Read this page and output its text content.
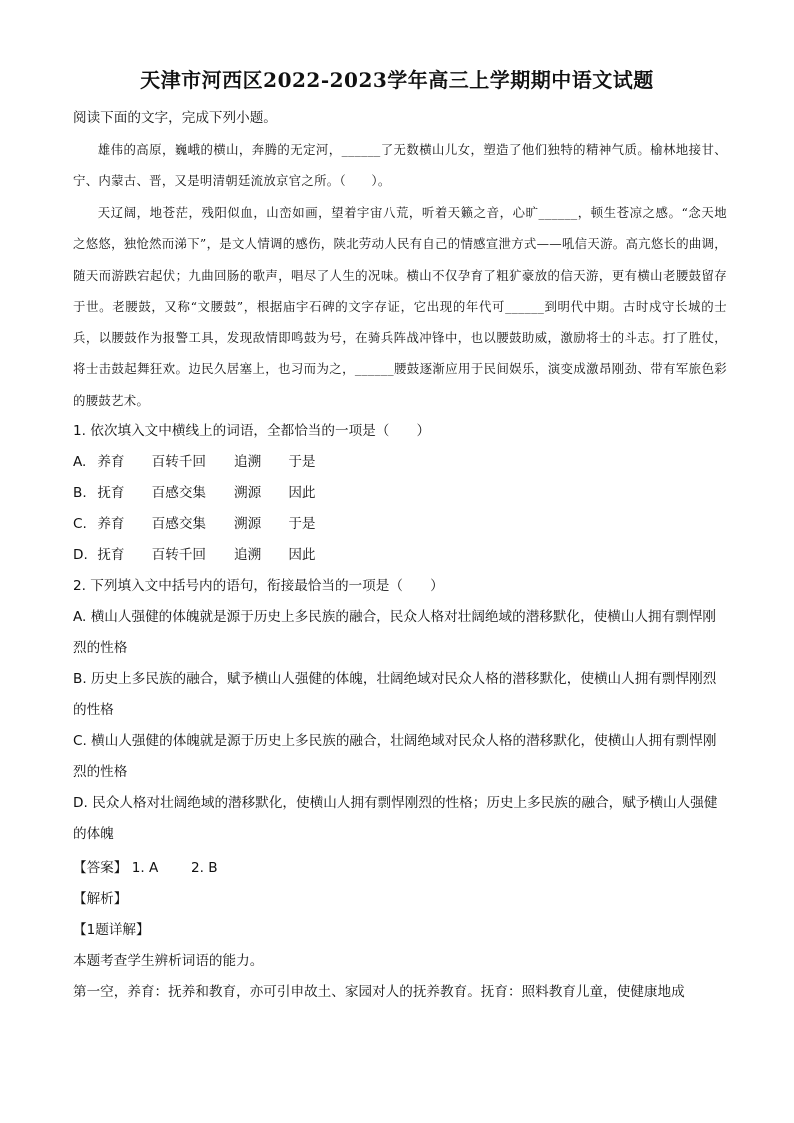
天津市河西区2022-2023学年高三上学期期中语文试题
阅读下面的文字，完成下列小题。
雄伟的高原，巍峨的横山，奔腾的无定河，______了无数横山儿女，塑造了他们独特的精神气质。榆林地接甘、宁、内蒙古、晋，又是明清朝廷流放京官之所。（　　）。
天辽阔，地苍茫，残阳似血，山峦如画，望着宇宙八荒，听着天籁之音，心旷______，顿生苍凉之感。“念天地之悠悠，独怆然而涕下”，是文人情调的感伤，陕北劳动人民有自己的情感宣泄方式——吼信天游。高亢悠长的曲调，随天而游跌宕起伏；九曲回肠的歌声，唱尽了人生的况味。横山不仅孕育了粗犷豪放的信天游，更有横山老腰鼓留存于世。老腰鼓，又称“文腰鼓”，根据庙宇石碑的文字存证，它出现的年代可______到明代中期。古时戍守长城的士兵，以腰鼓作为报警工具，发现敌情即鸣鼓为号，在骑兵阵战冲锋中，也以腰鼓助威，激励将士的斗志。打了胜仗，将士击鼓起舞狂欢。边民久居塞上，也习而为之，______腰鼓逐渐应用于民间娱乐，演变成激昂刚劲、带有军旅色彩的腰鼓艺术。
1. 依次填入文中横线上的词语，全都恰当的一项是（　　）
A. 养育 百转千回 追溯 于是
B. 抚育 百感交集 溯源 因此
C. 养育 百感交集 溯源 于是
D. 抚育 百转千回 追溯 因此
2. 下列填入文中括号内的语句，衔接最恰当的一项是（　　）
A. 横山人强健的体魄就是源于历史上多民族的融合，民众人格对壮阔绝域的潜移默化，使横山人拥有剽悍刚烈的性格
B. 历史上多民族的融合，赋予横山人强健的体魄，壮阔绝域对民众人格的潜移默化，使横山人拥有剽悍刚烈的性格
C. 横山人强健的体魄就是源于历史上多民族的融合，壮阔绝域对民众人格的潜移默化，使横山人拥有剽悍刚烈的性格
D. 民众人格对壮阔绝域的潜移默化，使横山人拥有剽悍刚烈的性格；历史上多民族的融合，赋予横山人强健的体魄
【答案】 1. A 2. B
【解析】
【1题详解】
本题考查学生辨析词语的能力。
第一空，养育：抚养和教育，亦可引申故土、家园对人的抚养教育。抚育：照料教育儿童，使健康地成
